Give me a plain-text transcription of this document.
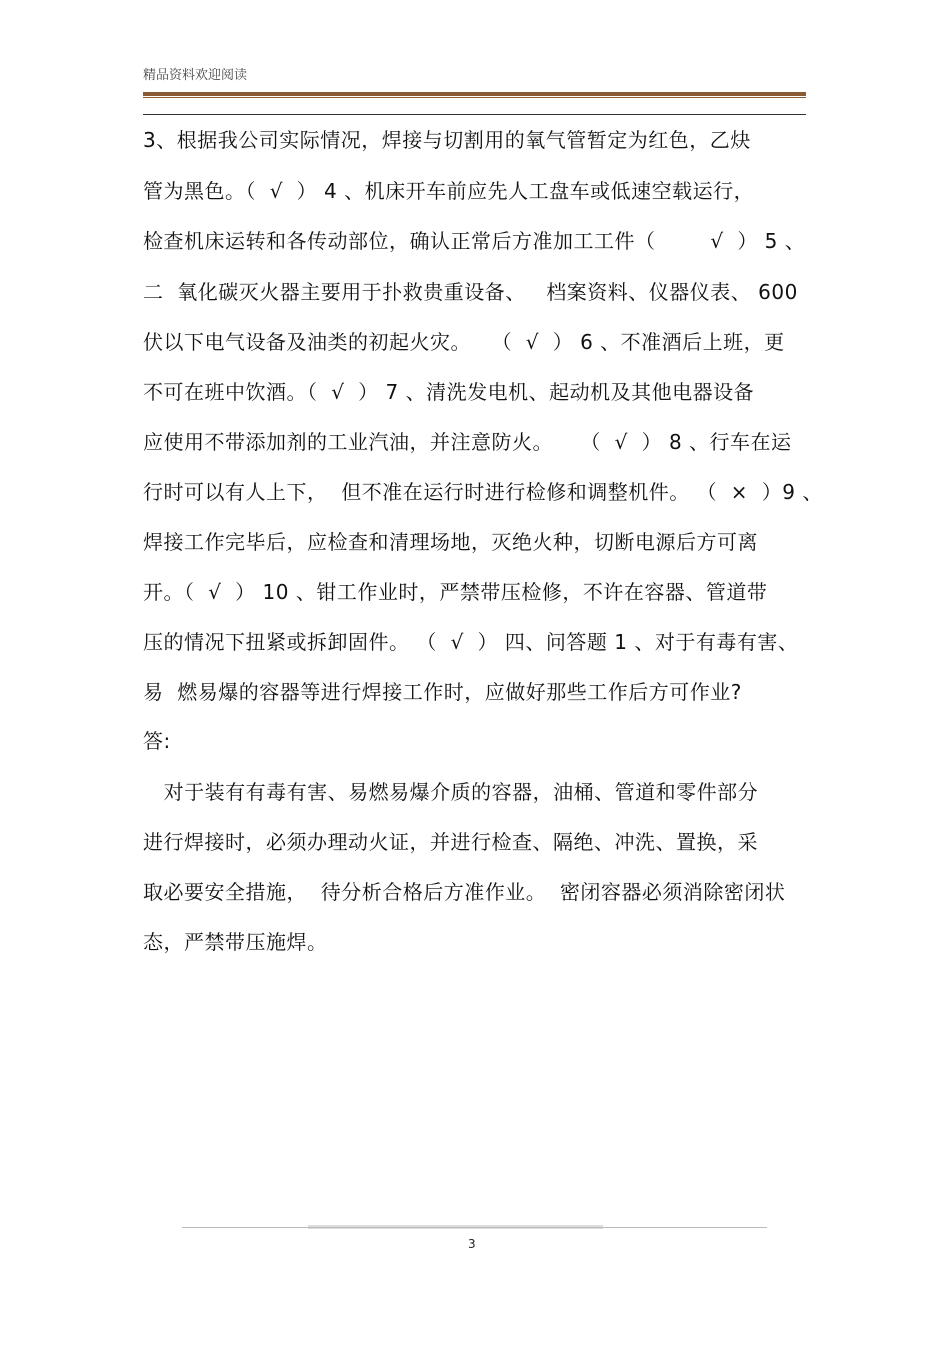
精品资料欢迎阅读
3、根据我公司实际情况，焊接与切割用的氧气管暂定为红色，乙炔
管为黑色。（  √  ） 4 、机床开车前应先人工盘车或低速空载运行，
检查机床运转和各传动部位，确认正常后方准加工工件（        √  ） 5 、
二  氧化碳灭火器主要用于扑救贵重设备、   档案资料、仪器仪表、 600
伏以下电气设备及油类的初起火灾。   （  √  ） 6 、不准酒后上班，更
不可在班中饮酒。（  √  ） 7 、清洗发电机、起动机及其他电器设备
应使用不带添加剂的工业汽油，并注意防火。    （  √  ） 8 、行车在运
行时可以有人上下，  但不准在运行时进行检修和调整机件。 （  ×  ）9 、
焊接工作完毕后，应检查和清理场地，灭绝火种，切断电源后方可离
开。（  √  ） 10 、钳工作业时，严禁带压检修，不许在容器、管道带
压的情况下扭紧或拆卸固件。 （  √  ） 四、问答题 1 、对于有毒有害、
易  燃易爆的容器等进行焊接工作时，应做好那些工作后方可作业?
答:
对于装有有毒有害、易燃易爆介质的容器，油桶、管道和零件部分
进行焊接时，必须办理动火证，并进行检查、隔绝、冲洗、置换，采
取必要安全措施，  待分析合格后方准作业。  密闭容器必须消除密闭状
态，严禁带压施焊。
3
